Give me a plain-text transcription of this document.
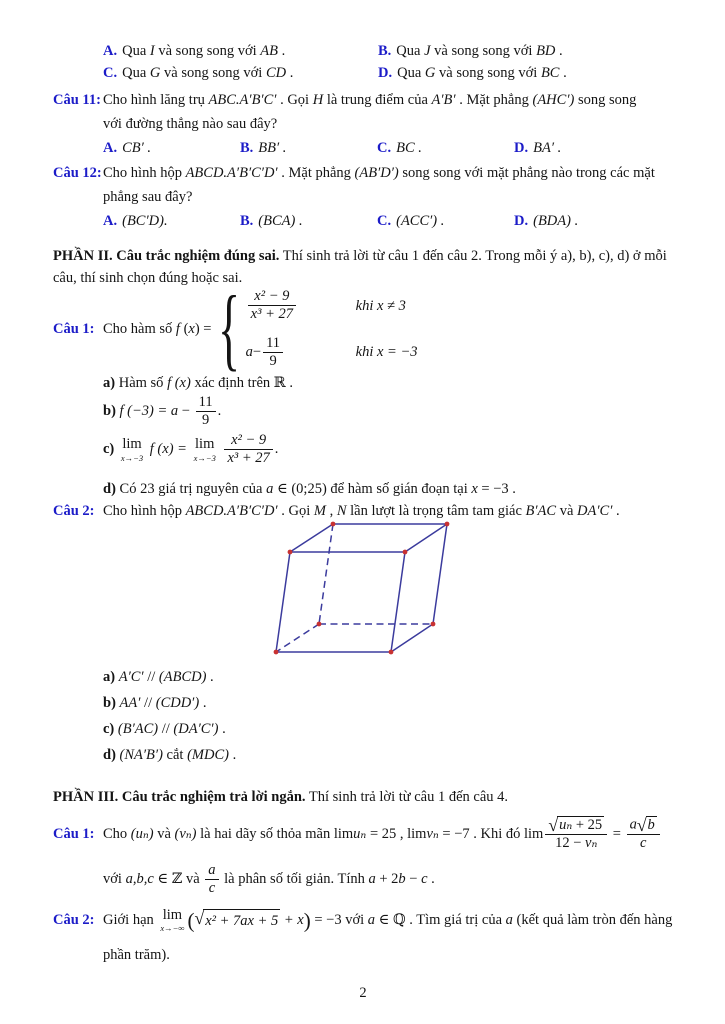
A. Qua I và song song với AB .	B. Qua J và song song với BD .
C. Qua G và song song với CD .	D. Qua G và song song với BC .
Câu 11: Cho hình lăng trụ ABC.A′B′C′ . Gọi H là trung điểm của A′B′ . Mặt phẳng (AHC′) song song
với đường thẳng nào sau đây?
A. CB′ .	B. BB′ .	C. BC .	D. BA′ .
Câu 12: Cho hình hộp ABCD.A′B′C′D′ . Mặt phẳng (AB′D′) song song với mặt phẳng nào trong các mặt
phẳng sau đây?
A. (BC′D).	B. (BCA) .	C. (ACC′) .	D. (BDA) .
PHẦN II. Câu trắc nghiệm đúng sai. Thí sinh trả lời từ câu 1 đến câu 2. Trong mỗi ý a), b), c), d) ở mỗi
câu, thí sinh chọn đúng hoặc sai.
Câu 1: Cho hàm số f (x) = { $\frac{\text{x² − 9}}{\text{x³ + 27}}$	khi x ≠ 3
$a - \frac{11}{9}$	khi x = −3
a) Hàm số f (x) xác định trên ℝ .
b) f $(-3) = a - \frac{11}{9}$ .
c) lim
x→−3
f (x) = lim
x→−3
$\frac{\text{x² − 9}}{\text{x³ + 27}}$ .
d) Có 23 giá trị nguyên của a ∈ (0;25) để hàm số gián đoạn tại x = −3 .
Câu 2: Cho hình hộp ABCD.A′B′C′D′ . Gọi M , N lần lượt là trọng tâm tam giác B′AC và DA′C′ .
a) A′C′ // (ABCD) .
b) AA′ // (CDD′) .
c) (B′AC) // (DA′C′) .
d) (NA′B′) cắt (MDC) .
PHẦN III. Câu trắc nghiệm trả lời ngắn. Thí sinh trả lời từ câu 1 đến câu 4.
Câu 1: Cho (uₙ) và (vₙ) là hai dãy số thỏa mãn limuₙ = 25 , limvₙ = −7 . Khi đó $\lim \frac{\text{√ uₙ + 25}}{\text{12 − vₙ}} = \frac{a √ b}{c}$
với a,b,c ∈ ℤ và $\frac{a}{c}$ là phân số tối giản. Tính a + 2b − c .
Câu 2: Giới hạn lim
x→−∞ ( √ x² + 7ax + 5 + x) = −3 với a ∈ ℚ . Tìm giá trị của a (kết quả làm tròn đến hàng
phần trăm).
2
